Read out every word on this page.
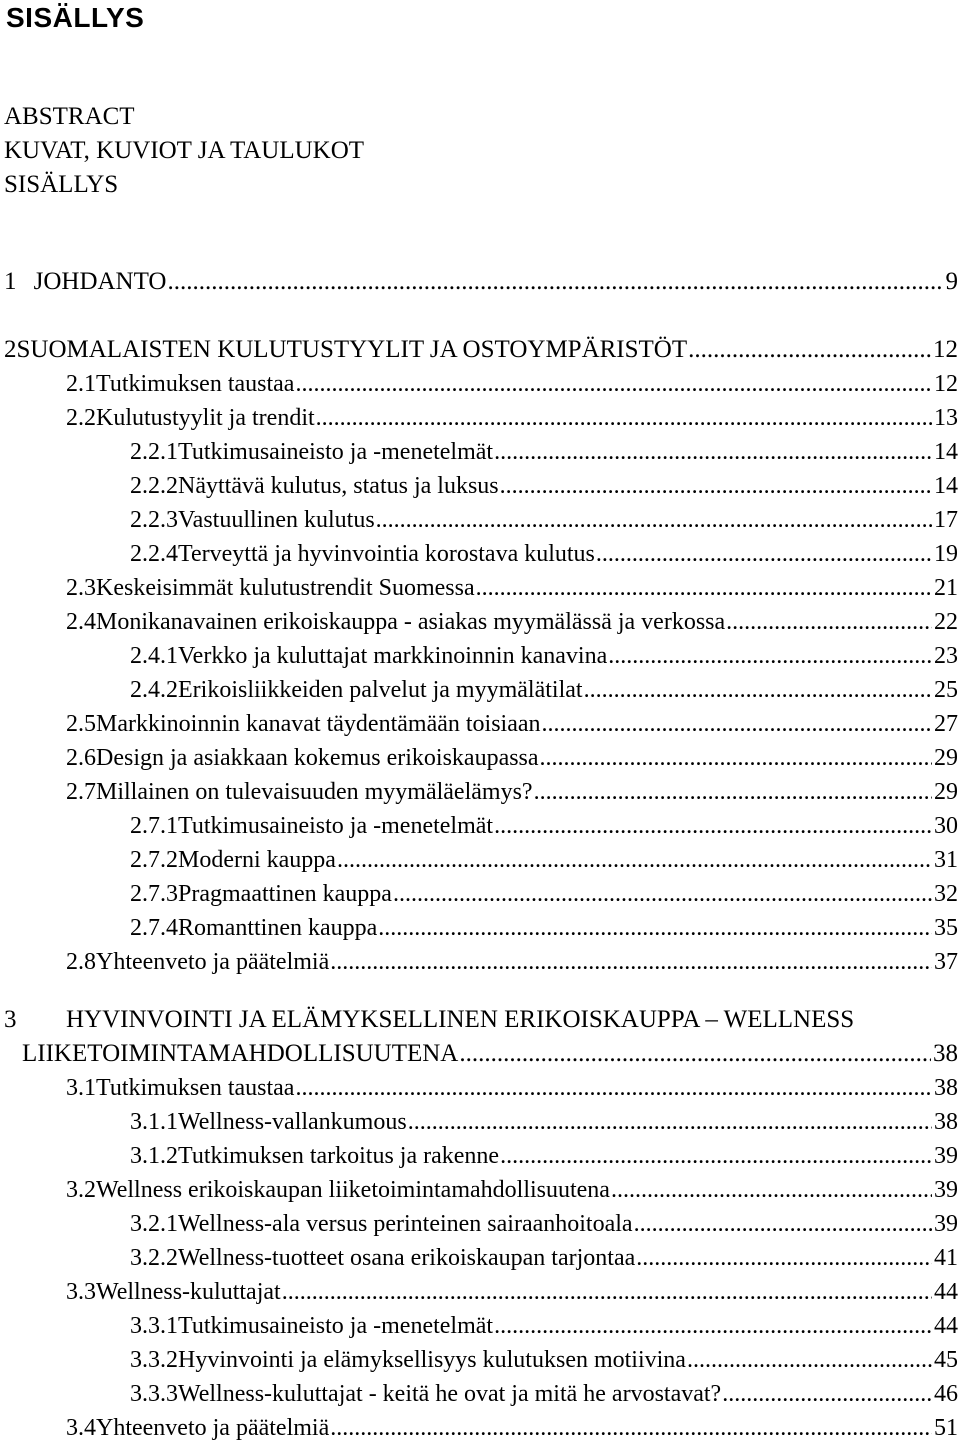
SISÄLLYS
ABSTRACT
KUVAT, KUVIOT JA TAULUKOT
SISÄLLYS
1 JOHDANTO .....	9
2 SUOMALAISTEN KULUTUSTYYLIT JA OSTOYMPÄRISTÖT .....	12
2.1 Tutkimuksen taustaa .....	12
2.2 Kulutustyylit ja trendit .....	13
2.2.1 Tutkimusaineisto ja -menetelmät .....	14
2.2.2 Näyttävä kulutus, status ja luksus .....	14
2.2.3 Vastuullinen kulutus .....	17
2.2.4 Terveyttä ja hyvinvointia korostava kulutus .....	19
2.3 Keskeisimmät kulutustrendit Suomessa .....	21
2.4 Monikanavainen erikoiskauppa - asiakas myymälässä ja verkossa .....	22
2.4.1 Verkko ja kuluttajat markkinoinnin kanavina .....	23
2.4.2 Erikoisliikkeiden palvelut ja myymälätilat .....	25
2.5 Markkinoinnin kanavat täydentämään toisiaan .....	27
2.6 Design ja asiakkaan kokemus erikoiskaupassa .....	29
2.7 Millainen on tulevaisuuden myymäläelämys? .....	29
2.7.1 Tutkimusaineisto ja -menetelmät .....	30
2.7.2 Moderni kauppa .....	31
2.7.3 Pragmaattinen kauppa .....	32
2.7.4 Romanttinen kauppa .....	35
2.8 Yhteenveto ja päätelmiä .....	37
3	HYVINVOINTI JA ELÄMYKSELLINEN ERIKOISKAUPPA – WELLNESS
LIIKETOIMINTAMAHDOLLISUUTENA .....	38
3.1 Tutkimuksen taustaa .....	38
3.1.1 Wellness-vallankumous .....	38
3.1.2 Tutkimuksen tarkoitus ja rakenne .....	39
3.2 Wellness erikoiskaupan liiketoimintamahdollisuutena .....	39
3.2.1 Wellness-ala versus perinteinen sairaanhoitoala .....	39
3.2.2 Wellness-tuotteet osana erikoiskaupan tarjontaa .....	41
3.3 Wellness-kuluttajat .....	44
3.3.1 Tutkimusaineisto ja -menetelmät .....	44
3.3.2 Hyvinvointi ja elämyksellisyys kulutuksen motiivina .....	45
3.3.3 Wellness-kuluttajat - keitä he ovat ja mitä he arvostavat? .....	46
3.4 Yhteenveto ja päätelmiä .....	51
